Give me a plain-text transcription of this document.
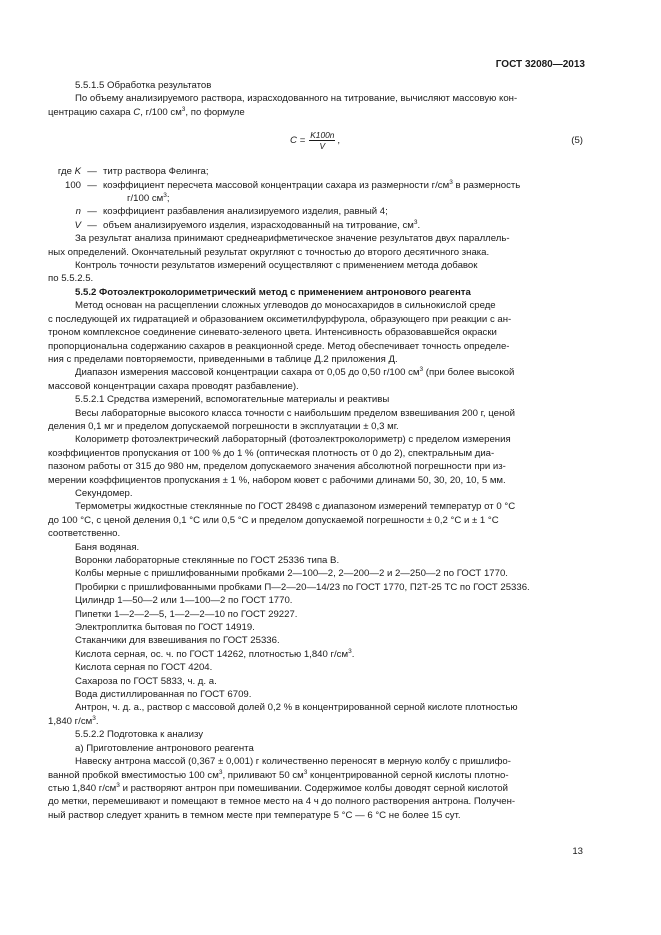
ГОСТ 32080—2013

5.5.1.5 Обработка результатов

По объему анализируемого раствора, израсходованного на титрование, вычисляют массовую кон-

центрацию сахара C, г/100 $см^3$, по формуле

$C = \frac{K100n}{V}$ ,	(5)
где K — титр раствора Фелинга;
100 — коэффициент пересчета массовой концентрации сахара из размерности $г/см^3$ в размерность

г/100 $см^3$;

n — коэффициент разбавления анализируемого изделия, равный 4;
V — объем анализируемого изделия, израсходованный на титрование, $см^3$.

За результат анализа принимают среднеарифметическое значение результатов двух параллель-

ных определений. Окончательный результат округляют с точностью до второго десятичного знака.

Контроль точности результатов измерений осуществляют с применением метода добавок

по 5.5.2.5.

5.5.2 Фотоэлектроколориметрический метод с применением антронового реагента

Метод основан на расщеплении сложных углеводов до моносахаридов в сильнокислой среде

с последующей их гидратацией и образованием оксиметилфурфурола, образующего при реакции с ан-

троном комплексное соединение синевато-зеленого цвета. Интенсивность образовавшейся окраски

пропорциональна содержанию сахаров в реакционной среде. Метод обеспечивает точность определе-

ния с пределами повторяемости, приведенными в таблице Д.2 приложения Д.

Диапазон измерения массовой концентрации сахара от 0,05 до 0,50 г/100 $см^3$ (при более высокой

массовой концентрации сахара проводят разбавление).

5.5.2.1 Средства измерений, вспомогательные материалы и реактивы

Весы лабораторные высокого класса точности с наибольшим пределом взвешивания 200 г, ценой

деления 0,1 мг и пределом допускаемой погрешности в эксплуатации ± 0,3 мг.

Колориметр фотоэлектрический лабораторный (фотоэлектроколориметр) с пределом измерения

коэффициентов пропускания от 100 % до 1 % (оптическая плотность от 0 до 2), спектральным диа-

пазоном работы от 315 до 980 нм, пределом допускаемого значения абсолютной погрешности при из-

мерении коэффициентов пропускания ± 1 %, набором кювет с рабочими длинами 50, 30, 20, 10, 5 мм.

Секундомер.

Термометры жидкостные стеклянные по ГОСТ 28498 с диапазоном измерений температур от 0 °С

до 100 °С, с ценой деления 0,1 °С или 0,5 °С и пределом допускаемой погрешности ± 0,2 °С и ± 1 °С

соответственно.

Баня водяная.

Воронки лабораторные стеклянные по ГОСТ 25336 типа В.

Колбы мерные с пришлифованными пробками 2—100—2, 2—200—2 и 2—250—2 по ГОСТ 1770.

Пробирки с пришлифованными пробками П—2—20—14/23 по ГОСТ 1770, П2Т-25 ТС по ГОСТ 25336.

Цилиндр 1—50—2 или 1—100—2 по ГОСТ 1770.

Пипетки 1—2—2—5, 1—2—2—10 по ГОСТ 29227.

Электроплитка бытовая по ГОСТ 14919.

Стаканчики для взвешивания по ГОСТ 25336.

Кислота серная, ос. ч. по ГОСТ 14262, плотностью 1,840 $г/см^3$.

Кислота серная по ГОСТ 4204.

Сахароза по ГОСТ 5833, ч. д. а.

Вода дистиллированная по ГОСТ 6709.

Антрон, ч. д. а., раствор с массовой долей 0,2 % в концентрированной серной кислоте плотностью

1,840 $г/см^3$.

5.5.2.2 Подготовка к анализу

а) Приготовление антронового реагента

Навеску антрона массой (0,367 ± 0,001) г количественно переносят в мерную колбу с пришлифо-

ванной пробкой вместимостью 100 $см^3$, приливают 50 $см^3$ концентрированной серной кислоты плотно-

стью 1,840 $г/см^3$ и растворяют антрон при помешивании. Содержимое колбы доводят серной кислотой

до метки, перемешивают и помещают в темное место на 4 ч до полного растворения антрона. Получен-

ный раствор следует хранить в темном месте при температуре 5 °С — 6 °С не более 15 сут.

13
